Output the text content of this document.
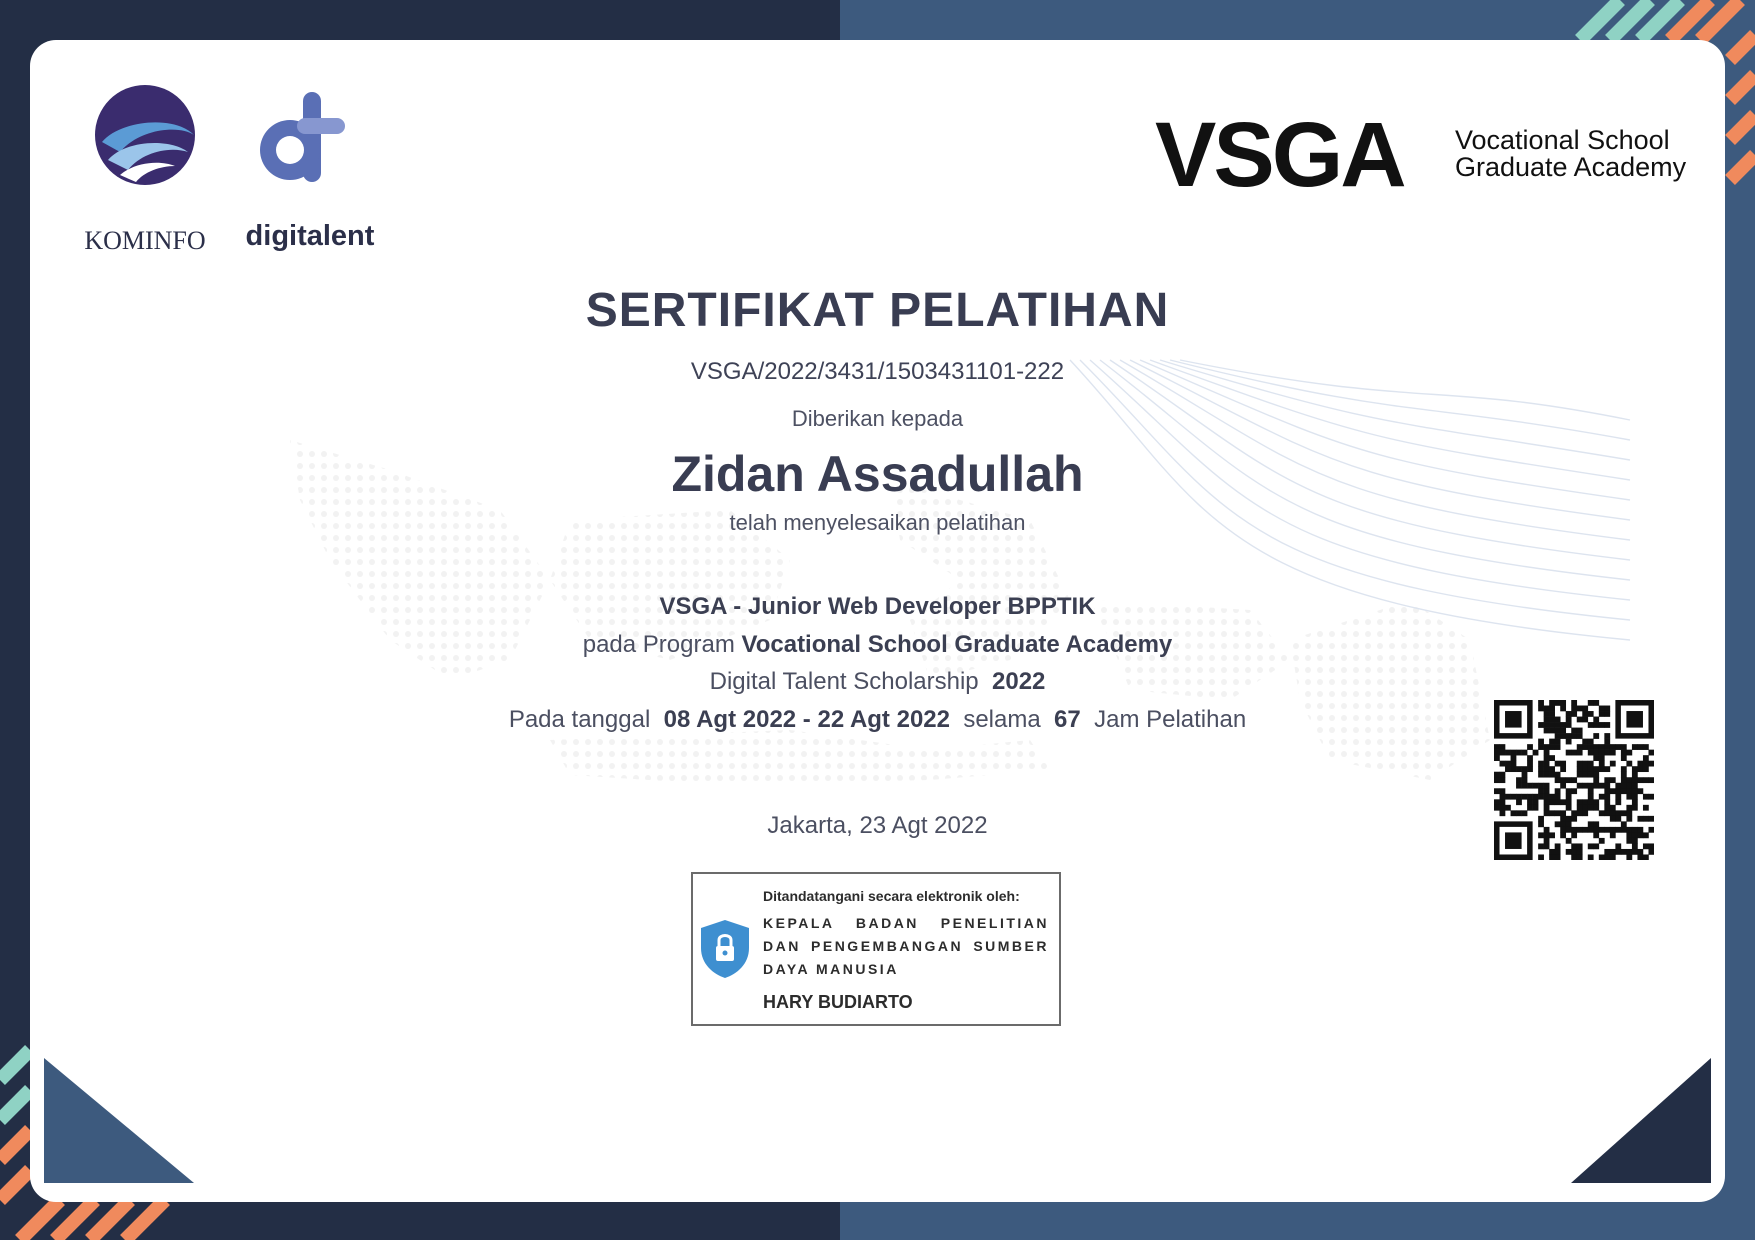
KOMINFO	digitalent
VSGA Vocational School
Graduate Academy
SERTIFIKAT PELATIHAN
VSGA/2022/3431/1503431101-222
Diberikan kepada
Zidan Assadullah
telah menyelesaikan pelatihan
VSGA - Junior Web Developer BPPTIK
pada Program Vocational School Graduate Academy
Digital Talent Scholarship 2022
Pada tanggal 08 Agt 2022 - 22 Agt 2022 selama 67 Jam Pelatihan
Jakarta, 23 Agt 2022
Ditandatangani secara elektronik oleh:
KEPALA BADAN PENELITIAN DAN PENGEMBANGAN SUMBER DAYA MANUSIA
HARY BUDIARTO
